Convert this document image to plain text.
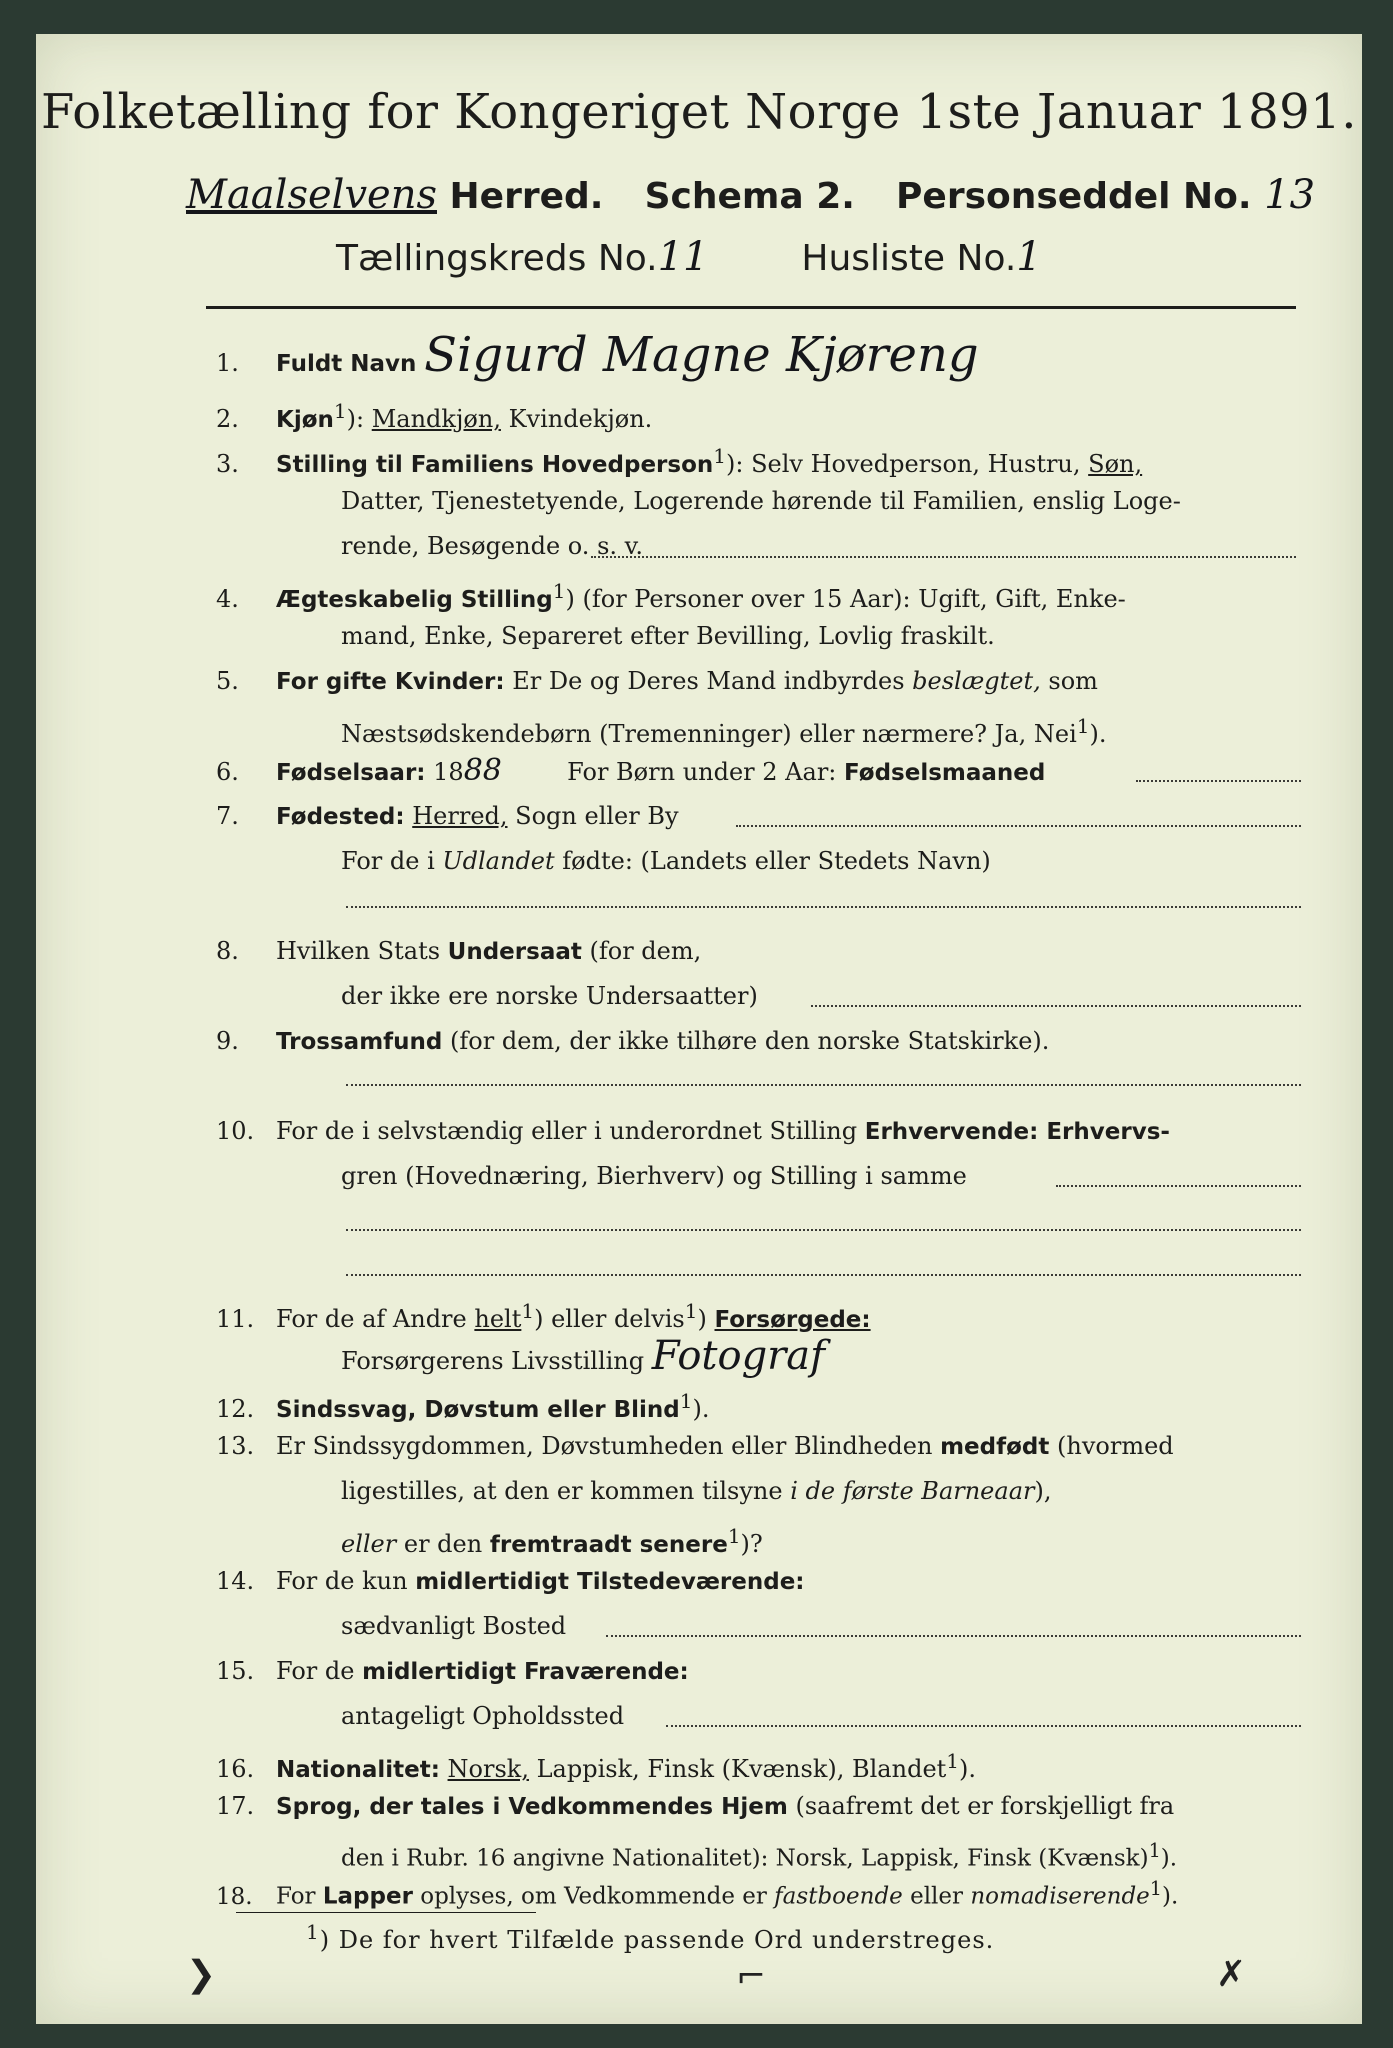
Folketælling for Kongeriget Norge 1ste Januar 1891.
Maalselvens Herred. Schema 2. Personseddel No. 13
Tællingskreds No.11	Husliste No.1
1. Fuldt Navn Sigurd Magne Kjøreng
2. Kjøn$^1$): Mandkjøn, Kvindekjøn.
3. Stilling til Familiens Hovedperson$^1$): Selv Hovedperson, Hustru, Søn,
Datter, Tjenestetyende, Logerende hørende til Familien, enslig Loge-
rende, Besøgende o. s. v.
4. Ægteskabelig Stilling$^1$) (for Personer over 15 Aar): Ugift, Gift, Enke-
mand, Enke, Separeret efter Bevilling, Lovlig fraskilt.
5. For gifte Kvinder: Er De og Deres Mand indbyrdes beslægtet, som
Næstsødskendebørn (Tremenninger) eller nærmere? Ja, Nei$^1$).
6. Fødselsaar: 1888	For Børn under 2 Aar: Fødselsmaaned
7. Fødested: Herred, Sogn eller By
For de i Udlandet fødte: (Landets eller Stedets Navn)
8. Hvilken Stats Undersaat (for dem,
der ikke ere norske Undersaatter)
9. Trossamfund (for dem, der ikke tilhøre den norske Statskirke).
10. For de i selvstændig eller i underordnet Stilling Erhvervende: Erhvervs-
gren (Hovednæring, Bierhverv) og Stilling i samme
11. For de af Andre helt$^1$) eller delvis$^1$) Forsørgede:
Forsørgerens Livsstilling Fotograf
12. Sindssvag, Døvstum eller Blind$^1$).
13. Er Sindssygdommen, Døvstumheden eller Blindheden medfødt (hvormed
ligestilles, at den er kommen tilsyne i de første Barneaar),
eller er den fremtraadt senere$^1$)?
14. For de kun midlertidigt Tilstedeværende:
sædvanligt Bosted
15. For de midlertidigt Fraværende:
antageligt Opholdssted
16. Nationalitet: Norsk, Lappisk, Finsk (Kvænsk), Blandet$^1$).
17. Sprog, der tales i Vedkommendes Hjem (saafremt det er forskjelligt fra
den i Rubr. 16 angivne Nationalitet): Norsk, Lappisk, Finsk (Kvænsk)$^1$).
18. For Lapper oplyses, om Vedkommende er fastboende eller nomadiserende$^1$).
$^1$) De for hvert Tilfælde passende Ord understreges.
❯	⌐	✗
